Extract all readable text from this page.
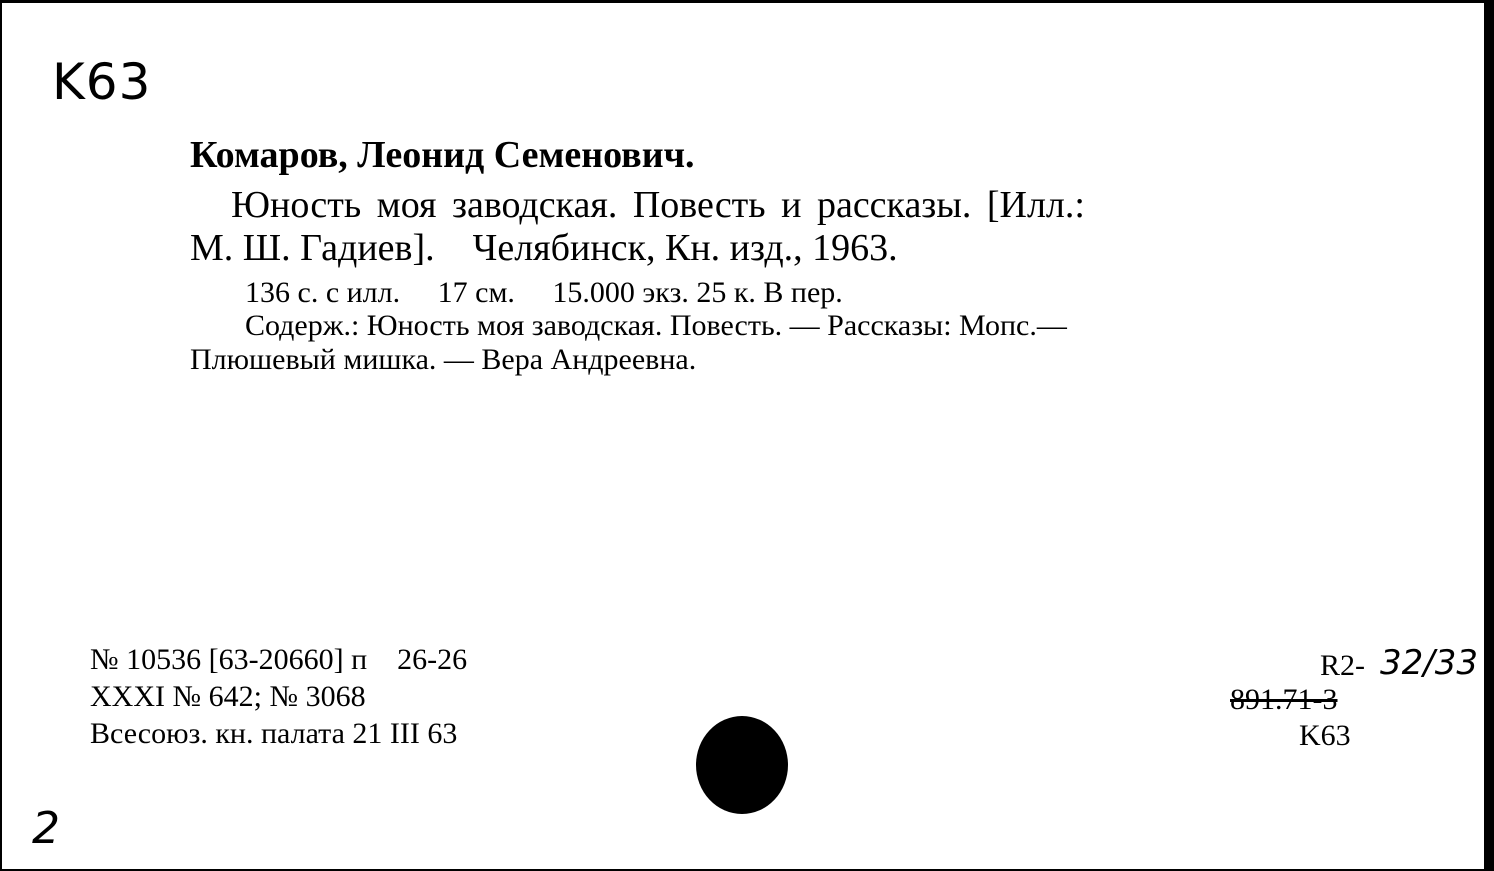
K63
Комаров, Леонид Семенович.
Юность моя заводская. Повесть и рассказы. [Илл.:
М. Ш. Гадиев].    Челябинск, Кн. изд., 1963.
136 с. с илл.     17 см.     15.000 экз. 25 к. В пер.
Содерж.: Юность моя заводская. Повесть. — Рассказы: Мопс.—
Плюшевый мишка. — Вера Андреевна.
№ 10536 [63-20660] п    26-26
XXXI № 642; № 3068
Всесоюз. кн. палата 21 III 63
R2- 32/33
891.71-3
K63
2
